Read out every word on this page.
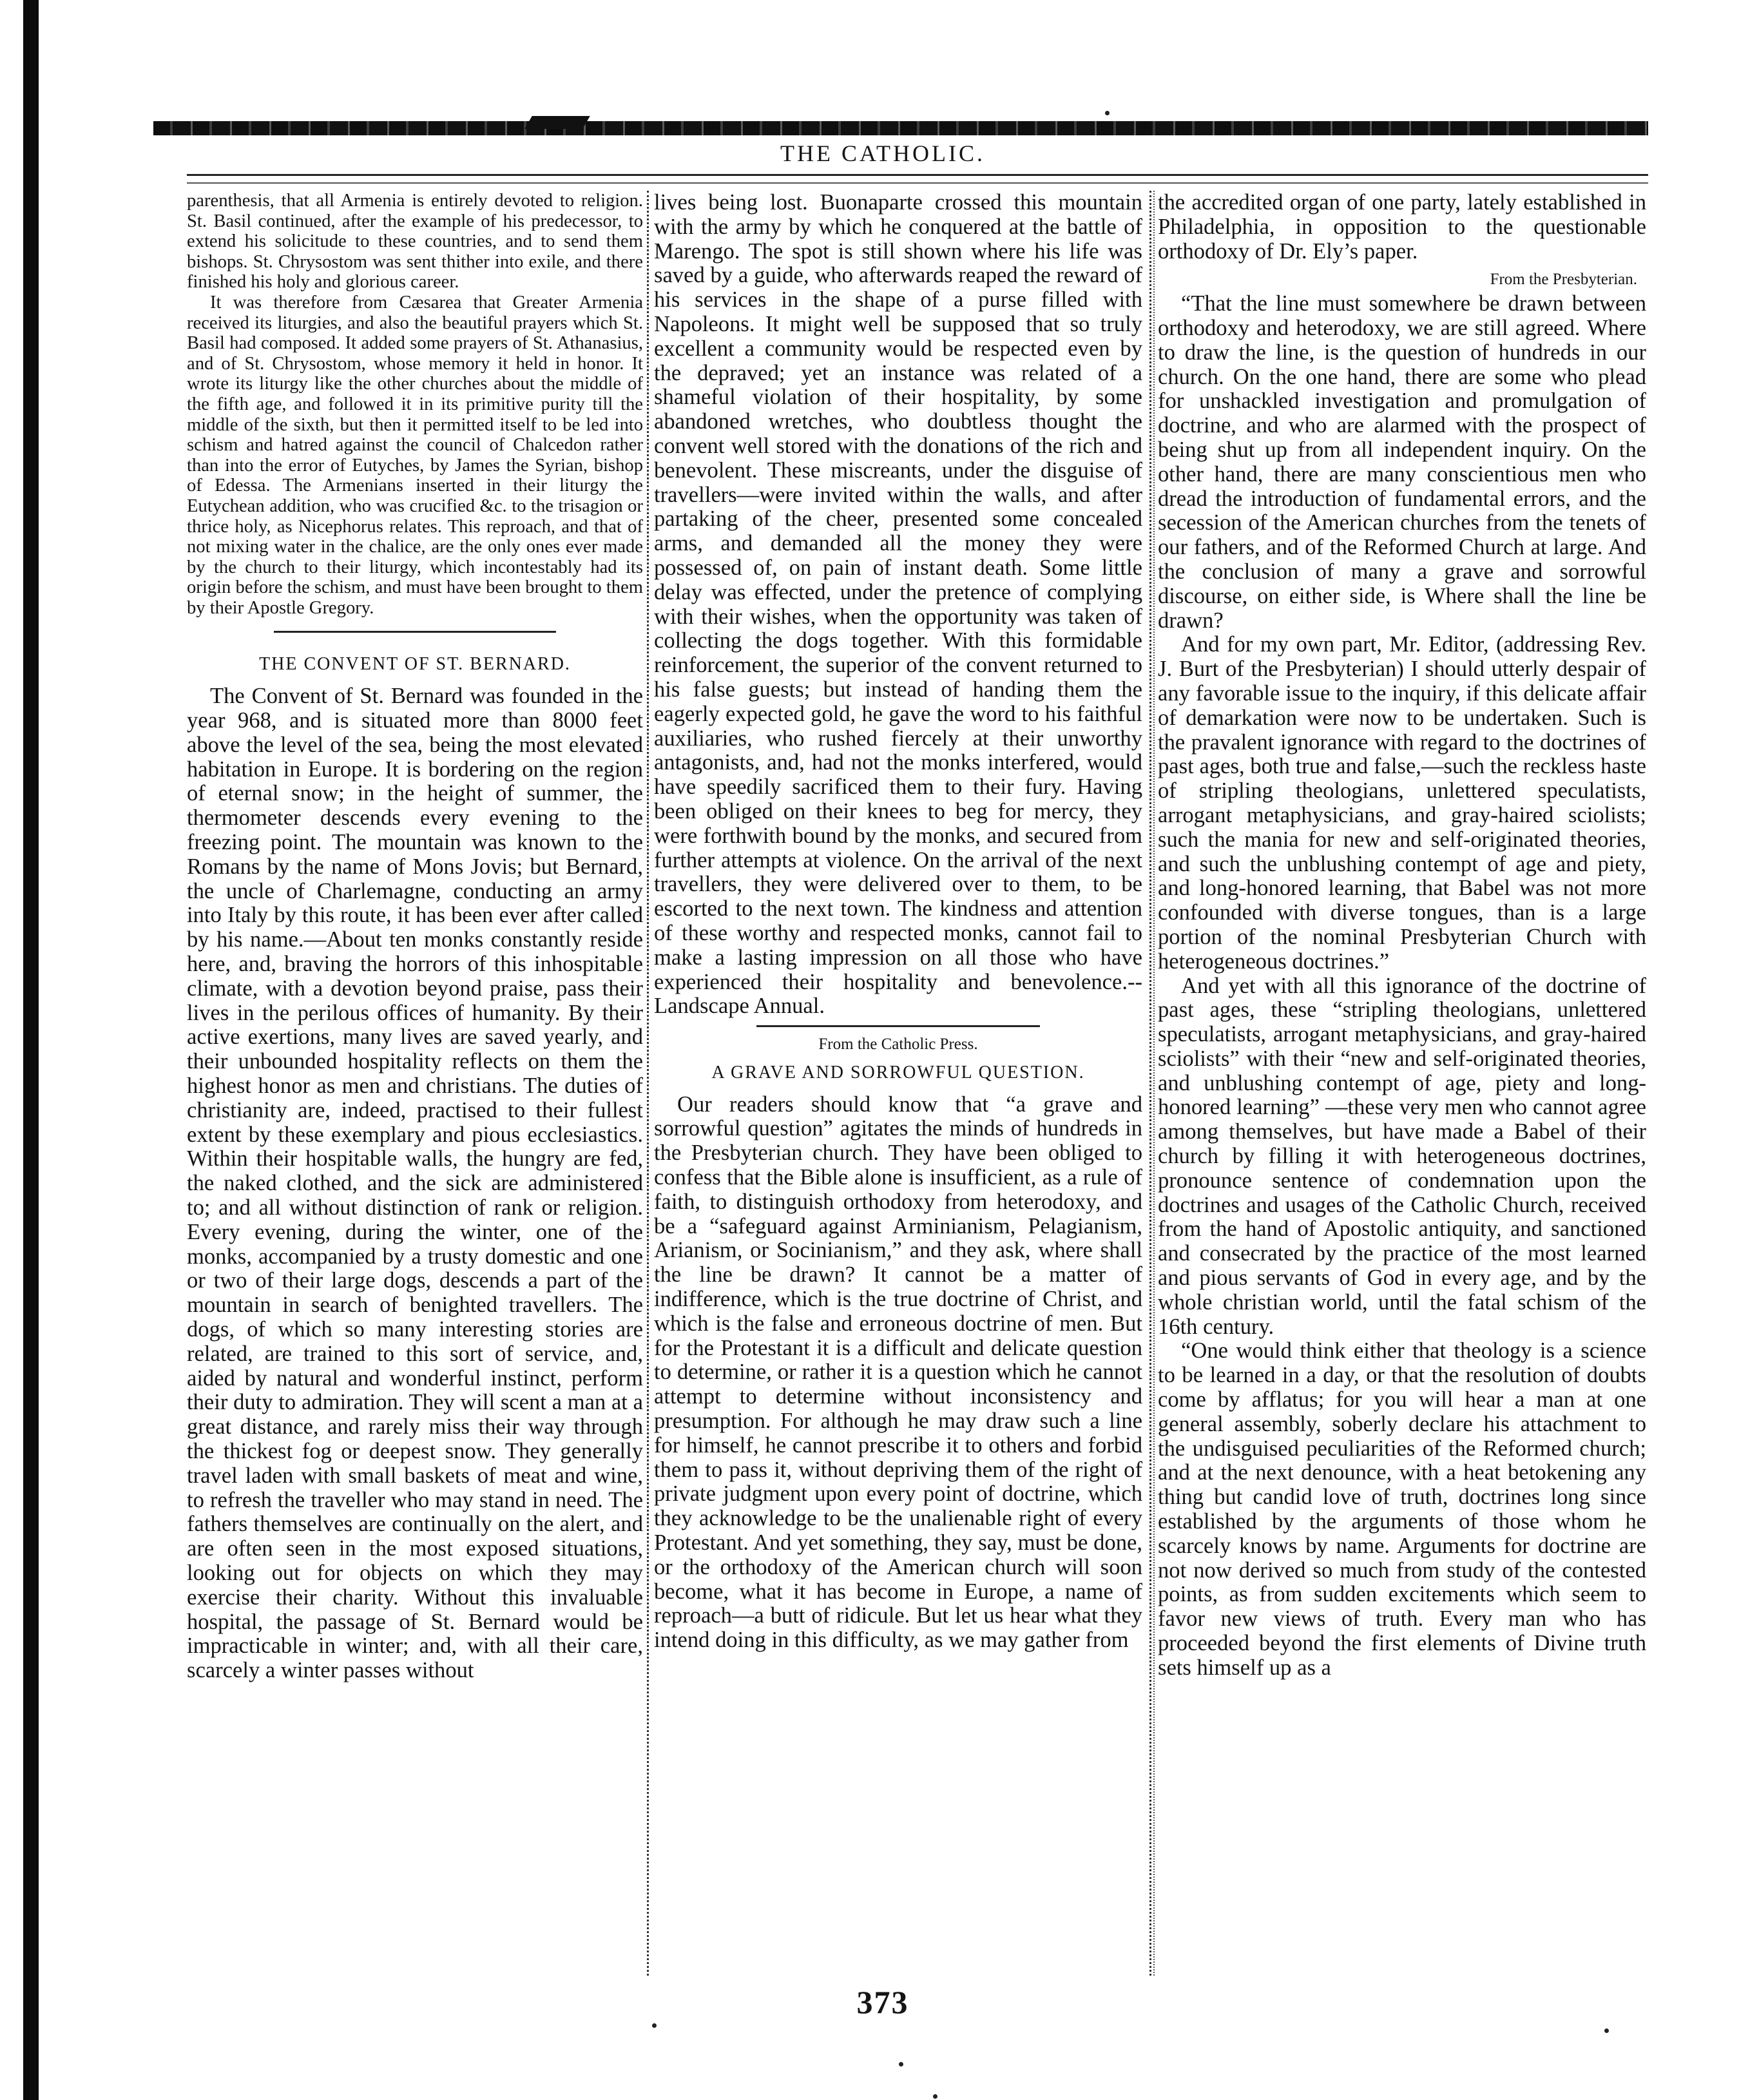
THE CATHOLIC.

parenthesis, that all Armenia is entirely devoted to religion. St. Basil continued, after the example of his predecessor, to extend his solicitude to these countries, and to send them bishops. St. Chrysostom was sent thither into exile, and there finished his holy and glorious career.

It was therefore from Cæsarea that Greater Armenia received its liturgies, and also the beautiful prayers which St. Basil had composed. It added some prayers of St. Athanasius, and of St. Chrysostom, whose memory it held in honor. It wrote its liturgy like the other churches about the middle of the fifth age, and followed it in its primitive purity till the middle of the sixth, but then it permitted itself to be led into schism and hatred against the council of Chalcedon rather than into the error of Eutyches, by James the Syrian, bishop of Edessa. The Armenians inserted in their liturgy the Eutychean addition, who was crucified &c. to the trisagion or thrice holy, as Nicephorus relates. This reproach, and that of not mixing water in the chalice, are the only ones ever made by the church to their liturgy, which incontestably had its origin before the schism, and must have been brought to them by their Apostle Gregory.

THE CONVENT OF ST. BERNARD.

The Convent of St. Bernard was founded in the year 968, and is situated more than 8000 feet above the level of the sea, being the most elevated habitation in Europe. It is bordering on the region of eternal snow; in the height of summer, the thermometer descends every evening to the freezing point. The mountain was known to the Romans by the name of Mons Jovis; but Bernard, the uncle of Charlemagne, conducting an army into Italy by this route, it has been ever after called by his name.—About ten monks constantly reside here, and, braving the horrors of this inhospitable climate, with a devotion beyond praise, pass their lives in the perilous offices of humanity. By their active exertions, many lives are saved yearly, and their unbounded hospitality reflects on them the highest honor as men and christians. The duties of christianity are, indeed, practised to their fullest extent by these exemplary and pious ecclesiastics. Within their hospitable walls, the hungry are fed, the naked clothed, and the sick are administered to; and all without distinction of rank or religion. Every evening, during the winter, one of the monks, accompanied by a trusty domestic and one or two of their large dogs, descends a part of the mountain in search of benighted travellers. The dogs, of which so many interesting stories are related, are trained to this sort of service, and, aided by natural and wonderful instinct, perform their duty to admiration. They will scent a man at a great distance, and rarely miss their way through the thickest fog or deepest snow. They generally travel laden with small baskets of meat and wine, to refresh the traveller who may stand in need. The fathers themselves are continually on the alert, and are often seen in the most exposed situations, looking out for objects on which they may exercise their charity. Without this invaluable hospital, the passage of St. Bernard would be impracticable in winter; and, with all their care, scarcely a winter passes without

lives being lost. Buonaparte crossed this mountain with the army by which he conquered at the battle of Marengo. The spot is still shown where his life was saved by a guide, who afterwards reaped the reward of his services in the shape of a purse filled with Napoleons. It might well be supposed that so truly excellent a community would be respected even by the depraved; yet an instance was related of a shameful violation of their hospitality, by some abandoned wretches, who doubtless thought the convent well stored with the donations of the rich and benevolent. These miscreants, under the disguise of travellers—were invited within the walls, and after partaking of the cheer, presented some concealed arms, and demanded all the money they were possessed of, on pain of instant death. Some little delay was effected, under the pretence of complying with their wishes, when the opportunity was taken of collecting the dogs together. With this formidable reinforcement, the superior of the convent returned to his false guests; but instead of handing them the eagerly expected gold, he gave the word to his faithful auxiliaries, who rushed fiercely at their unworthy antagonists, and, had not the monks interfered, would have speedily sacrificed them to their fury. Having been obliged on their knees to beg for mercy, they were forthwith bound by the monks, and secured from further attempts at violence. On the arrival of the next travellers, they were delivered over to them, to be escorted to the next town. The kindness and attention of these worthy and respected monks, cannot fail to make a lasting impression on all those who have experienced their hospitality and benevolence.--Landscape Annual.

From the Catholic Press.

A GRAVE AND SORROWFUL QUESTION.

Our readers should know that “a grave and sorrowful question” agitates the minds of hundreds in the Presbyterian church. They have been obliged to confess that the Bible alone is insufficient, as a rule of faith, to distinguish orthodoxy from heterodoxy, and be a “safeguard against Arminianism, Pelagianism, Arianism, or Socinianism,” and they ask, where shall the line be drawn? It cannot be a matter of indifference, which is the true doctrine of Christ, and which is the false and erroneous doctrine of men. But for the Protestant it is a difficult and delicate question to determine, or rather it is a question which he cannot attempt to determine without inconsistency and presumption. For although he may draw such a line for himself, he cannot prescribe it to others and forbid them to pass it, without depriving them of the right of private judgment upon every point of doctrine, which they acknowledge to be the unalienable right of every Protestant. And yet something, they say, must be done, or the orthodoxy of the American church will soon become, what it has become in Europe, a name of reproach—a butt of ridicule. But let us hear what they intend doing in this difficulty, as we may gather from

the accredited organ of one party, lately established in Philadelphia, in opposition to the questionable orthodoxy of Dr. Ely’s paper.

From the Presbyterian.

“That the line must somewhere be drawn between orthodoxy and heterodoxy, we are still agreed. Where to draw the line, is the question of hundreds in our church. On the one hand, there are some who plead for unshackled investigation and promulgation of doctrine, and who are alarmed with the prospect of being shut up from all independent inquiry. On the other hand, there are many conscientious men who dread the introduction of fundamental errors, and the secession of the American churches from the tenets of our fathers, and of the Reformed Church at large. And the conclusion of many a grave and sorrowful discourse, on either side, is Where shall the line be drawn?

And for my own part, Mr. Editor, (addressing Rev. J. Burt of the Presbyterian) I should utterly despair of any favorable issue to the inquiry, if this delicate affair of demarkation were now to be undertaken. Such is the pravalent ignorance with regard to the doctrines of past ages, both true and false,—such the reckless haste of stripling theologians, unlettered speculatists, arrogant metaphysicians, and gray-haired sciolists; such the mania for new and self-originated theories, and such the unblushing contempt of age and piety, and long-honored learning, that Babel was not more confounded with diverse tongues, than is a large portion of the nominal Presbyterian Church with heterogeneous doctrines.”

And yet with all this ignorance of the doctrine of past ages, these “stripling theologians, unlettered speculatists, arrogant metaphysicians, and gray-haired sciolists” with their “new and self-originated theories, and unblushing contempt of age, piety and long-honored learning” —these very men who cannot agree among themselves, but have made a Babel of their church by filling it with heterogeneous doctrines, pronounce sentence of condemnation upon the doctrines and usages of the Catholic Church, received from the hand of Apostolic antiquity, and sanctioned and consecrated by the practice of the most learned and pious servants of God in every age, and by the whole christian world, until the fatal schism of the 16th century.

“One would think either that theology is a science to be learned in a day, or that the resolution of doubts come by afflatus; for you will hear a man at one general assembly, soberly declare his attachment to the undisguised peculiarities of the Reformed church; and at the next denounce, with a heat betokening any thing but candid love of truth, doctrines long since established by the arguments of those whom he scarcely knows by name. Arguments for doctrine are not now derived so much from study of the contested points, as from sudden excitements which seem to favor new views of truth. Every man who has proceeded beyond the first elements of Divine truth sets himself up as a

373
